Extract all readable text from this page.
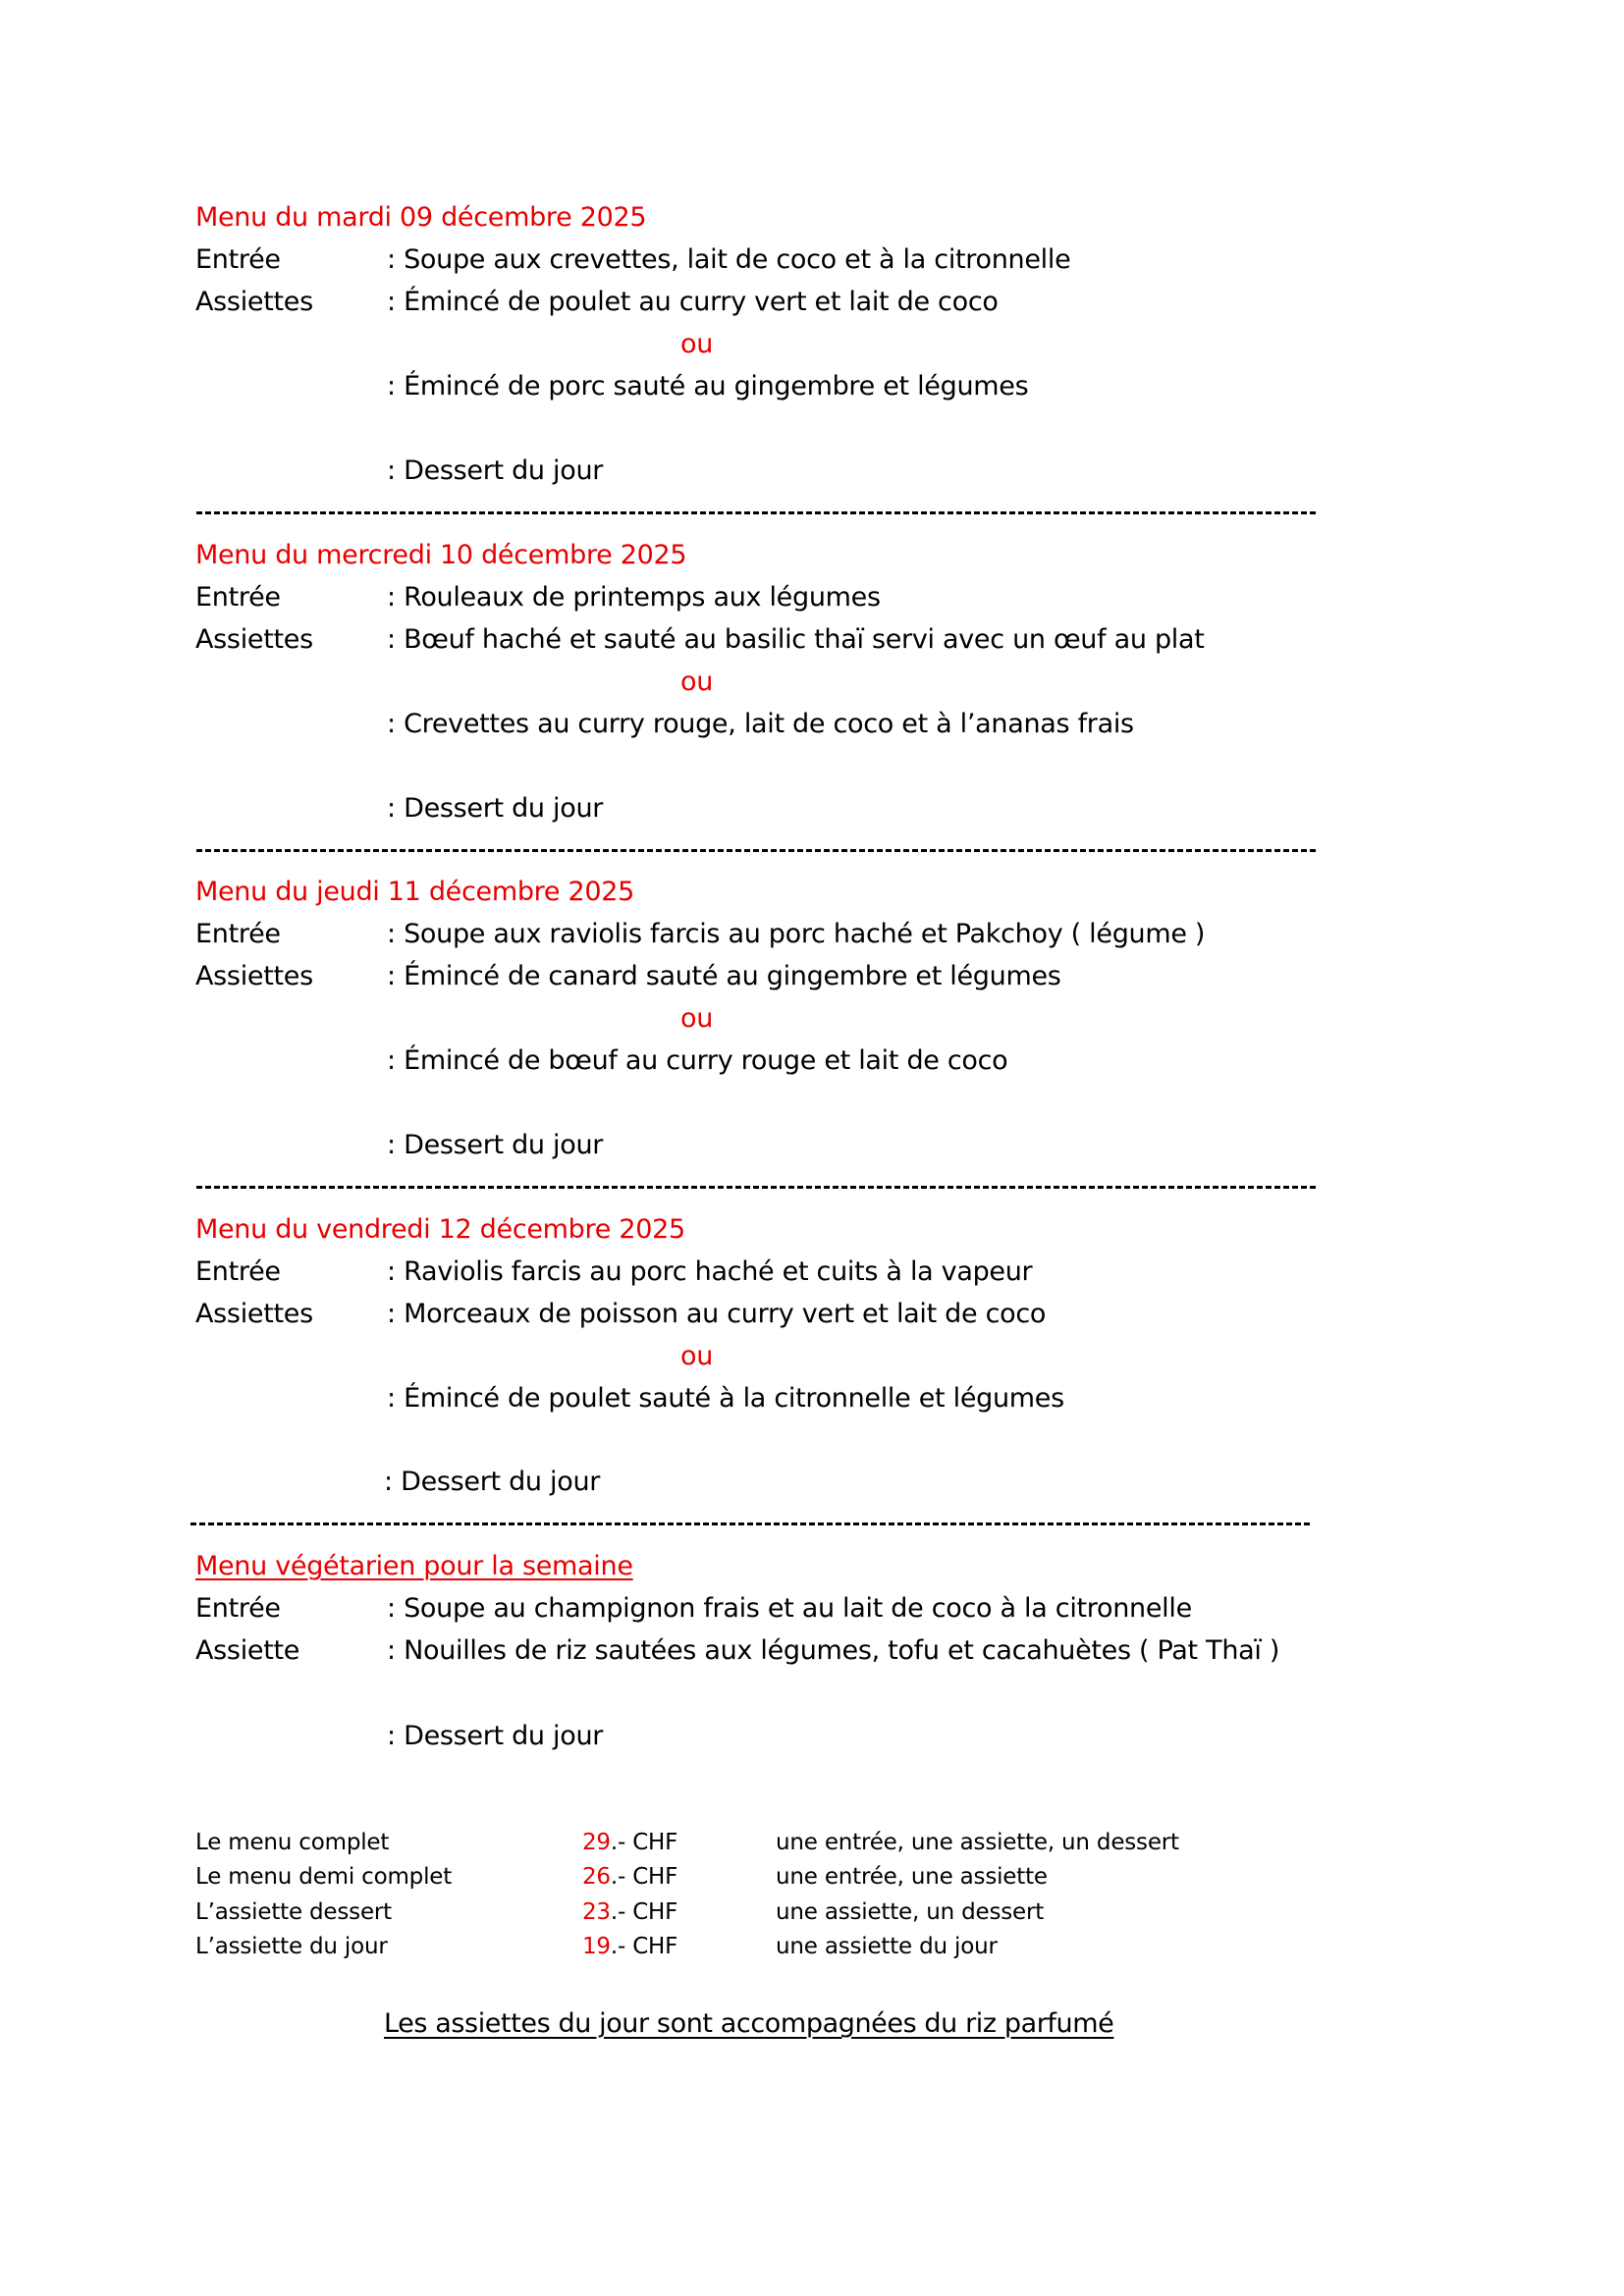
Menu du mardi 09 décembre 2025
Entrée	: Soupe aux crevettes, lait de coco et à la citronnelle
Assiettes	: Émincé de poulet au curry vert et lait de coco
ou
: Émincé de porc sauté au gingembre et légumes
: Dessert du jour
Menu du mercredi 10 décembre 2025
Entrée	: Rouleaux de printemps aux légumes
Assiettes	: Bœuf haché et sauté au basilic thaï servi avec un œuf au plat
ou
: Crevettes au curry rouge, lait de coco et à l’ananas frais
: Dessert du jour
Menu du jeudi 11 décembre 2025
Entrée	: Soupe aux raviolis farcis au porc haché et Pakchoy ( légume )
Assiettes	: Émincé de canard sauté au gingembre et légumes
ou
: Émincé de bœuf au curry rouge et lait de coco
: Dessert du jour
Menu du vendredi 12 décembre 2025
Entrée	: Raviolis farcis au porc haché et cuits à la vapeur
Assiettes	: Morceaux de poisson au curry vert et lait de coco
ou
: Émincé de poulet sauté à la citronnelle et légumes
: Dessert du jour
Menu végétarien pour la semaine
Entrée	: Soupe au champignon frais et au lait de coco à la citronnelle
Assiette	: Nouilles de riz sautées aux légumes, tofu et cacahuètes ( Pat Thaï )
: Dessert du jour
Le menu complet	29.- CHF	une entrée, une assiette, un dessert
Le menu demi complet	26.- CHF	une entrée, une assiette
L’assiette dessert	23.- CHF	une assiette, un dessert
L’assiette du jour	19.- CHF	une assiette du jour
Les assiettes du jour sont accompagnées du riz parfumé
